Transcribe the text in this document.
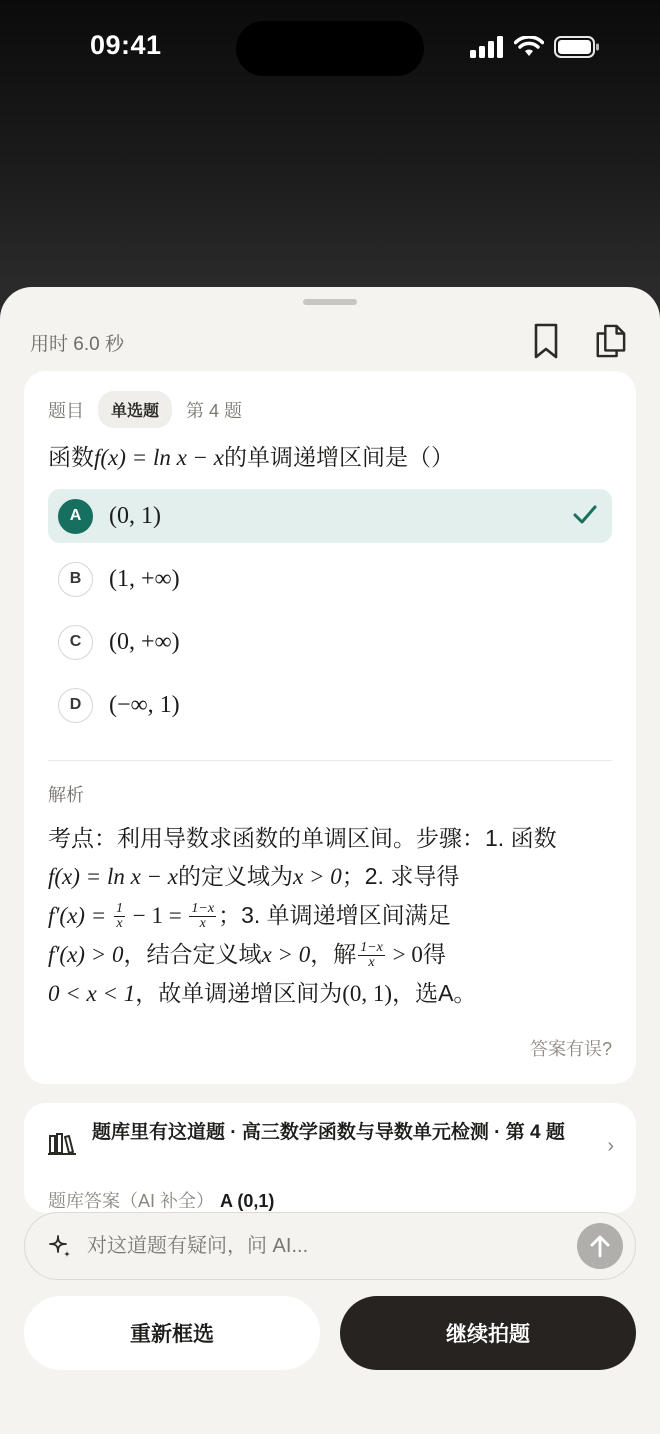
09:41
用时 6.0 秒
题目	单选题	第 4 题
函数f(x) = ln x − x的单调递增区间是（）
A	(0, 1)
B	(1, +∞)
C	(0, +∞)
D	(−∞, 1)
解析
考点：利用导数求函数的单调区间。步骤：1. 函数
f(x) = ln x − x的定义域为x > 0；2. 求导得
$f'(x) = \frac{1}{x} - 1 = \frac{1-x}{x}$ ；3. 单调递增区间满足
f′(x) > 0，结合定义域x > 0，解 $\frac{1-x}{x} > 0$得
0 < x < 1，故单调递增区间为(0, 1)，选A。
答案有误?
题库里有这道题 · 高三数学函数与导数单元检测 · 第 4 题
›
题库答案（AI 补全） A (0,1)
对这道题有疑问，问 AI...
重新框选	继续拍题
